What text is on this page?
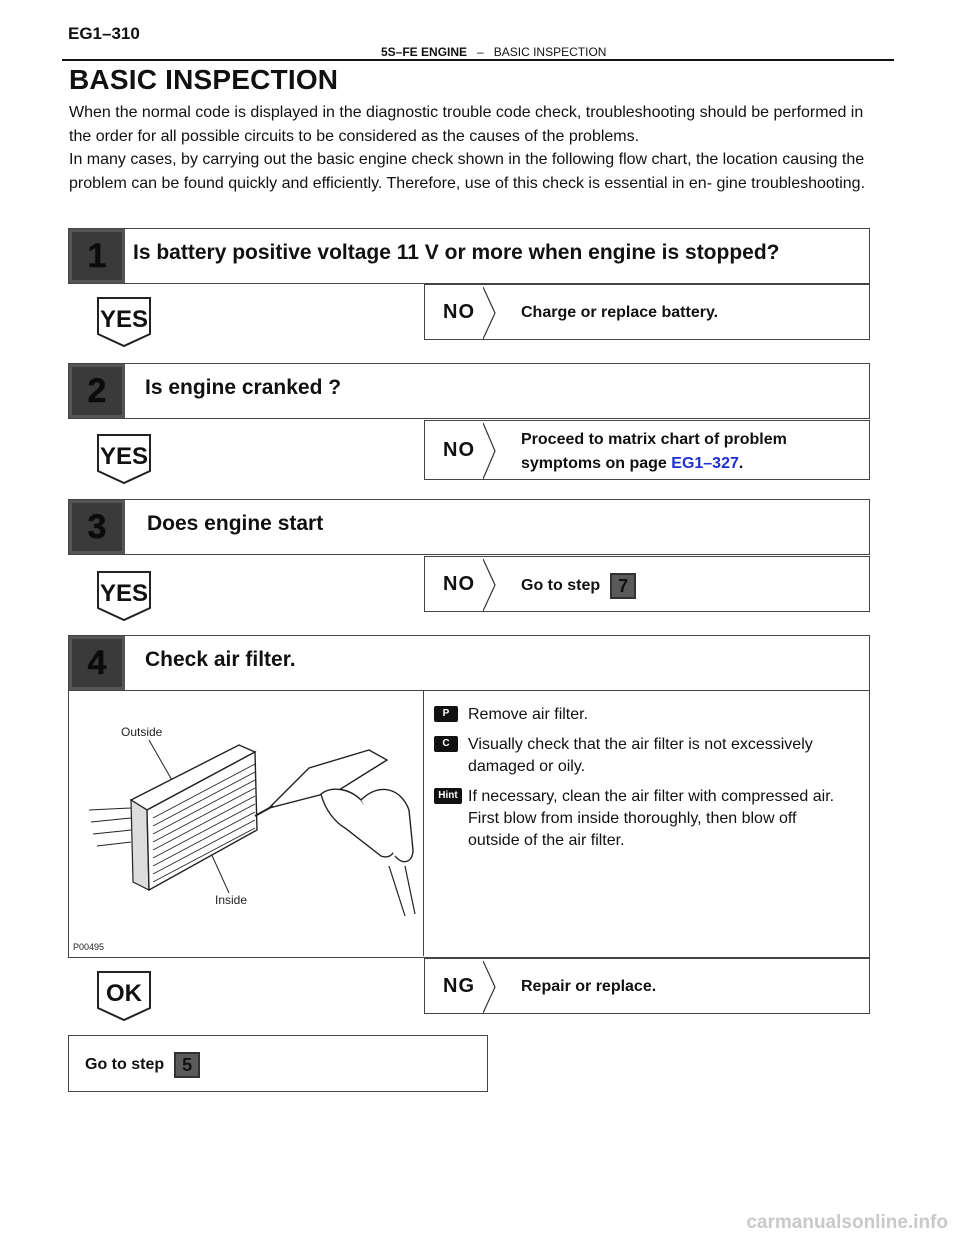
EG1–310
5S–FE ENGINE – BASIC INSPECTION
BASIC INSPECTION

When the normal code is displayed in the diagnostic trouble code check, troubleshooting should be performed in the order for all possible circuits to be considered as the causes of the problems.

In many cases, by carrying out the basic engine check shown in the following flow chart, the location causing the problem can be found quickly and efficiently. Therefore, use of this check is essential in en- gine troubleshooting.

1 Is battery positive voltage 11 V or more when engine is stopped?
YES	NO	Charge or replace battery.
2 Is engine cranked ?
YES	NO	Proceed to matrix chart of problem
symptoms on page EG1–327.
3 Does engine start
YES	NO	Go to step 7
4 Check air filter.
Outside
Inside
P00495
P	Remove air filter.
C	Visually check that the air filter is not excessively damaged or oily.
Hint If necessary, clean the air filter with compressed air. First blow from inside thoroughly, then blow off outside of the air filter.
OK	NG	Repair or replace.
Go to step 5
carmanualsonline.info
